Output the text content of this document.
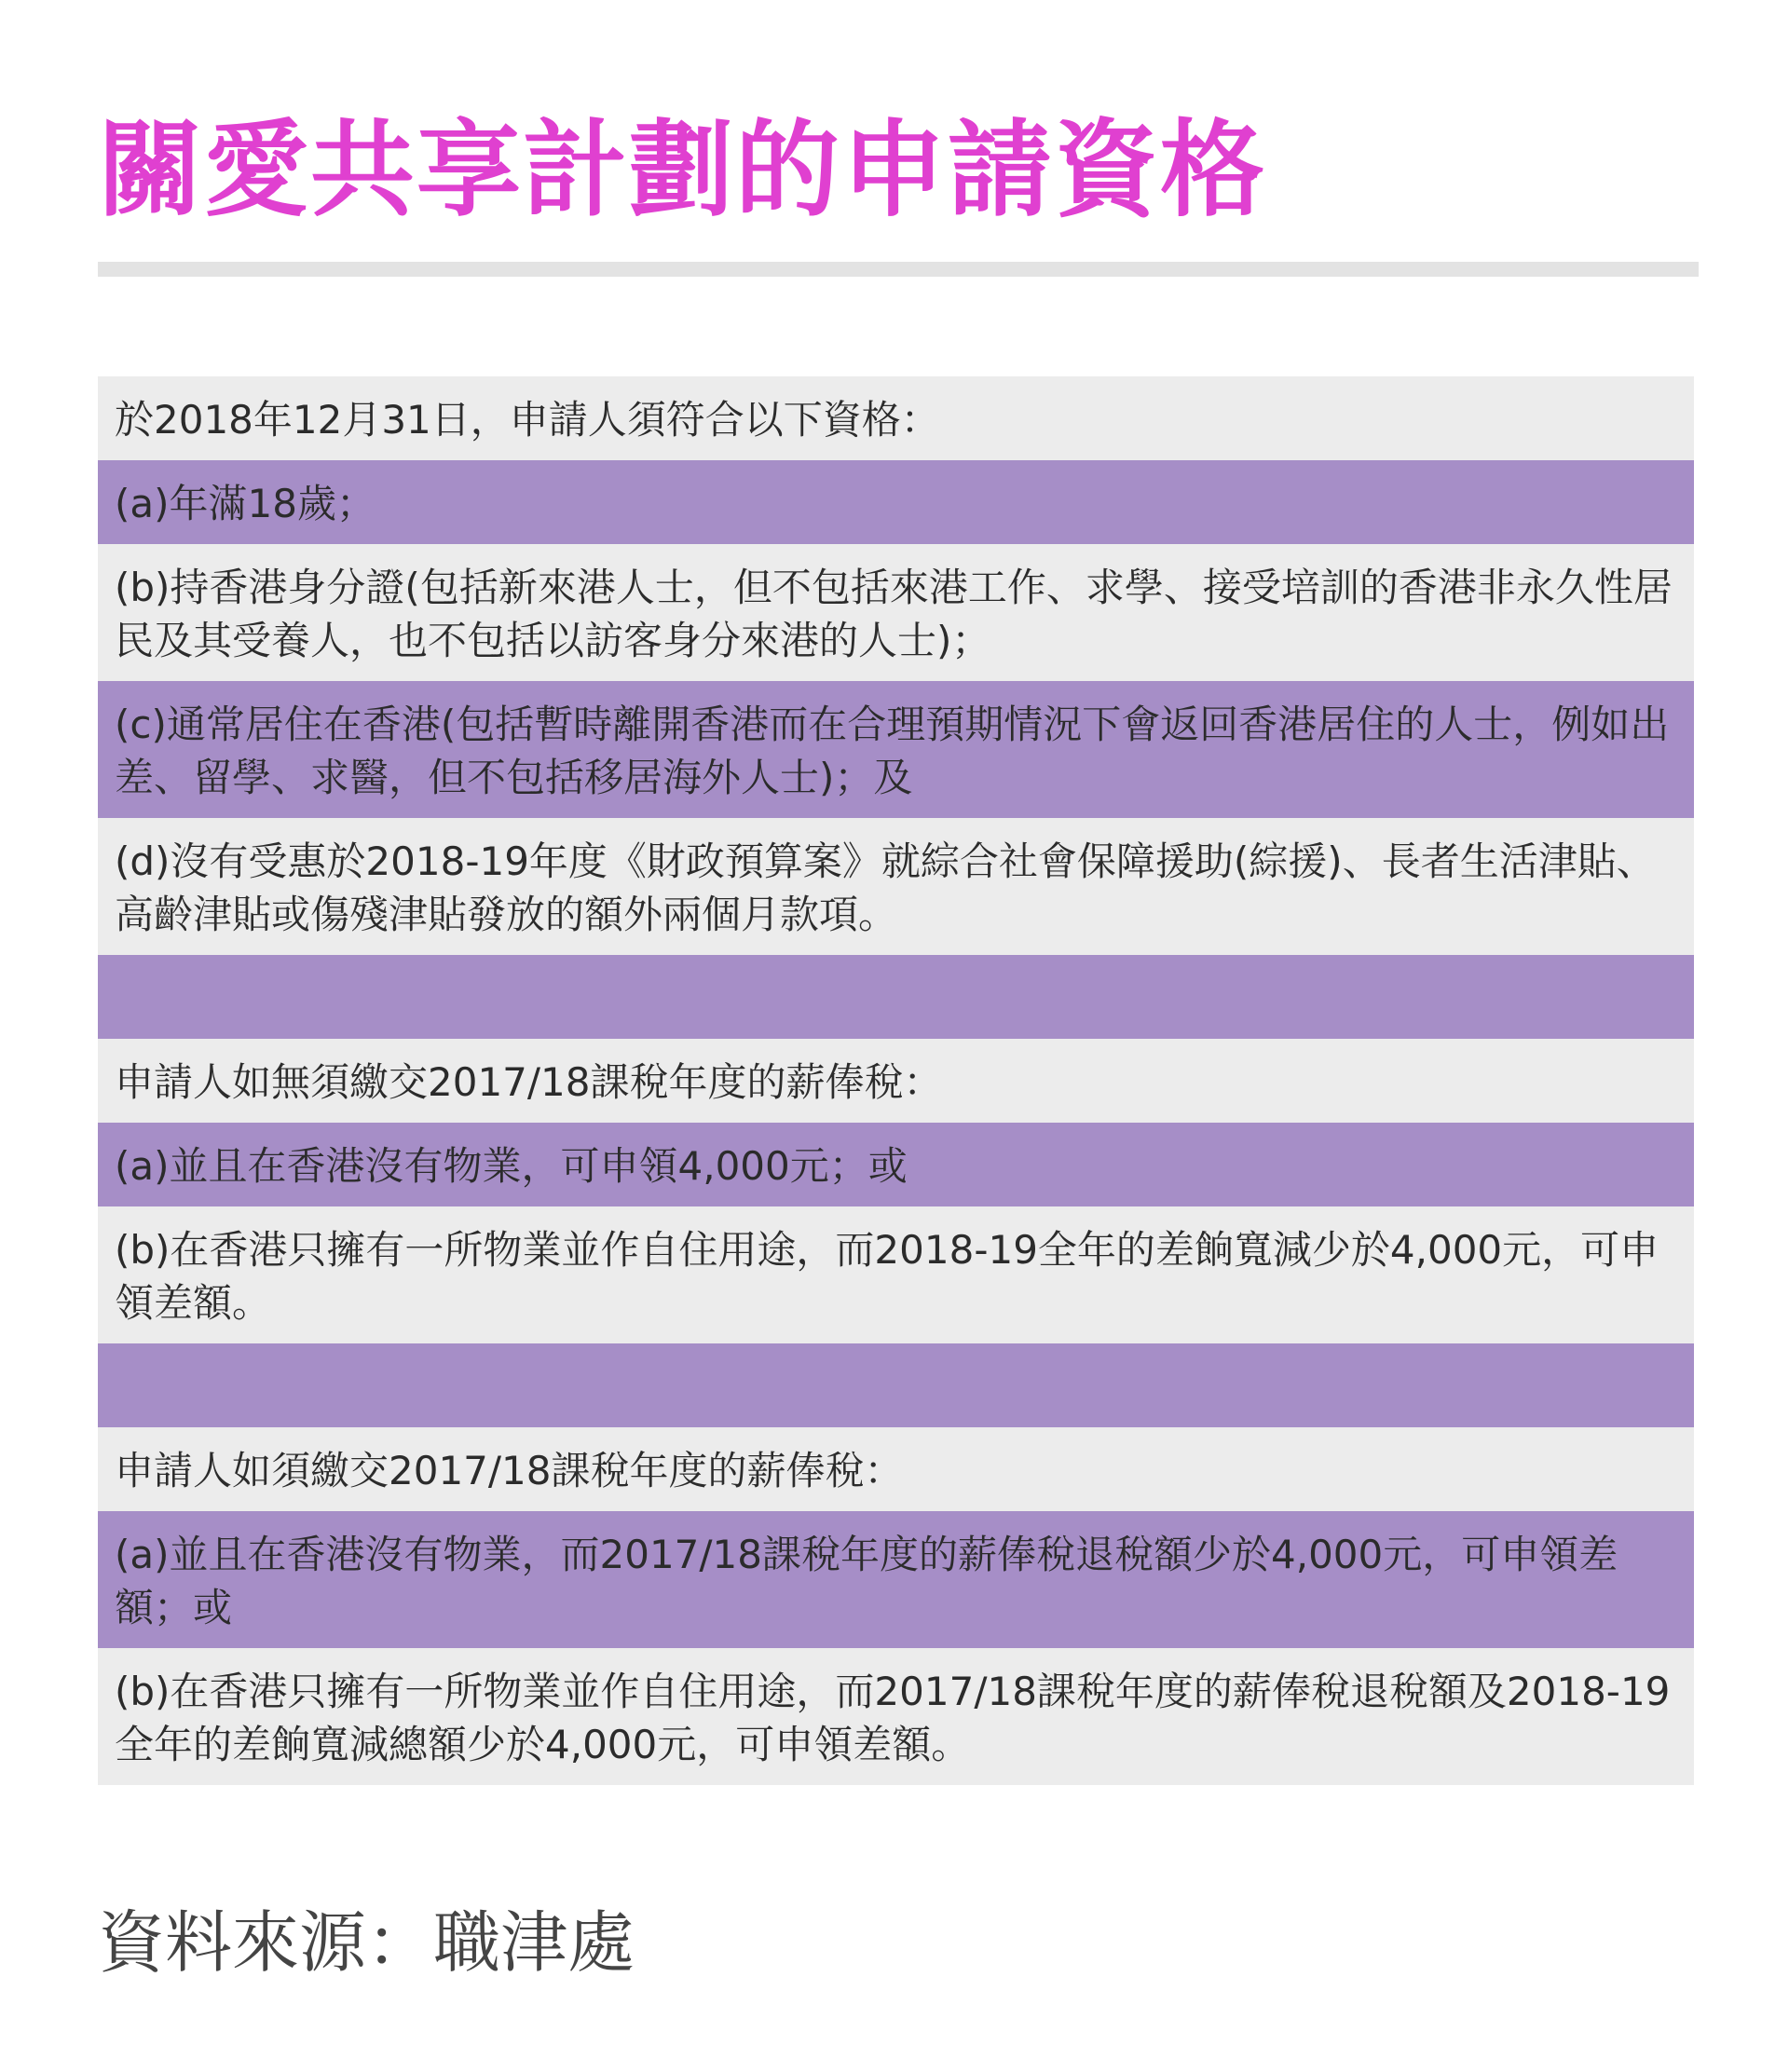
關愛共享計劃的申請資格
於2018年12月31日，申請人須符合以下資格：
(a)年滿18歲；
(b)持香港身分證(包括新來港人士，但不包括來港工作、求學、接受培訓的香港非永久性居民及其受養人，也不包括以訪客身分來港的人士)；
(c)通常居住在香港(包括暫時離開香港而在合理預期情況下會返回香港居住的人士，例如出差、留學、求醫，但不包括移居海外人士)；及
(d)沒有受惠於2018-19年度《財政預算案》就綜合社會保障援助(綜援)、長者生活津貼、高齡津貼或傷殘津貼發放的額外兩個月款項。
申請人如無須繳交2017/18課稅年度的薪俸稅：
(a)並且在香港沒有物業，可申領4,000元；或
(b)在香港只擁有一所物業並作自住用途，而2018-19全年的差餉寬減少於4,000元，可申領差額。
申請人如須繳交2017/18課稅年度的薪俸稅：
(a)並且在香港沒有物業，而2017/18課稅年度的薪俸稅退稅額少於4,000元，可申領差額；或
(b)在香港只擁有一所物業並作自住用途，而2017/18課稅年度的薪俸稅退稅額及2018-19全年的差餉寬減總額少於4,000元，可申領差額。
資料來源：職津處
